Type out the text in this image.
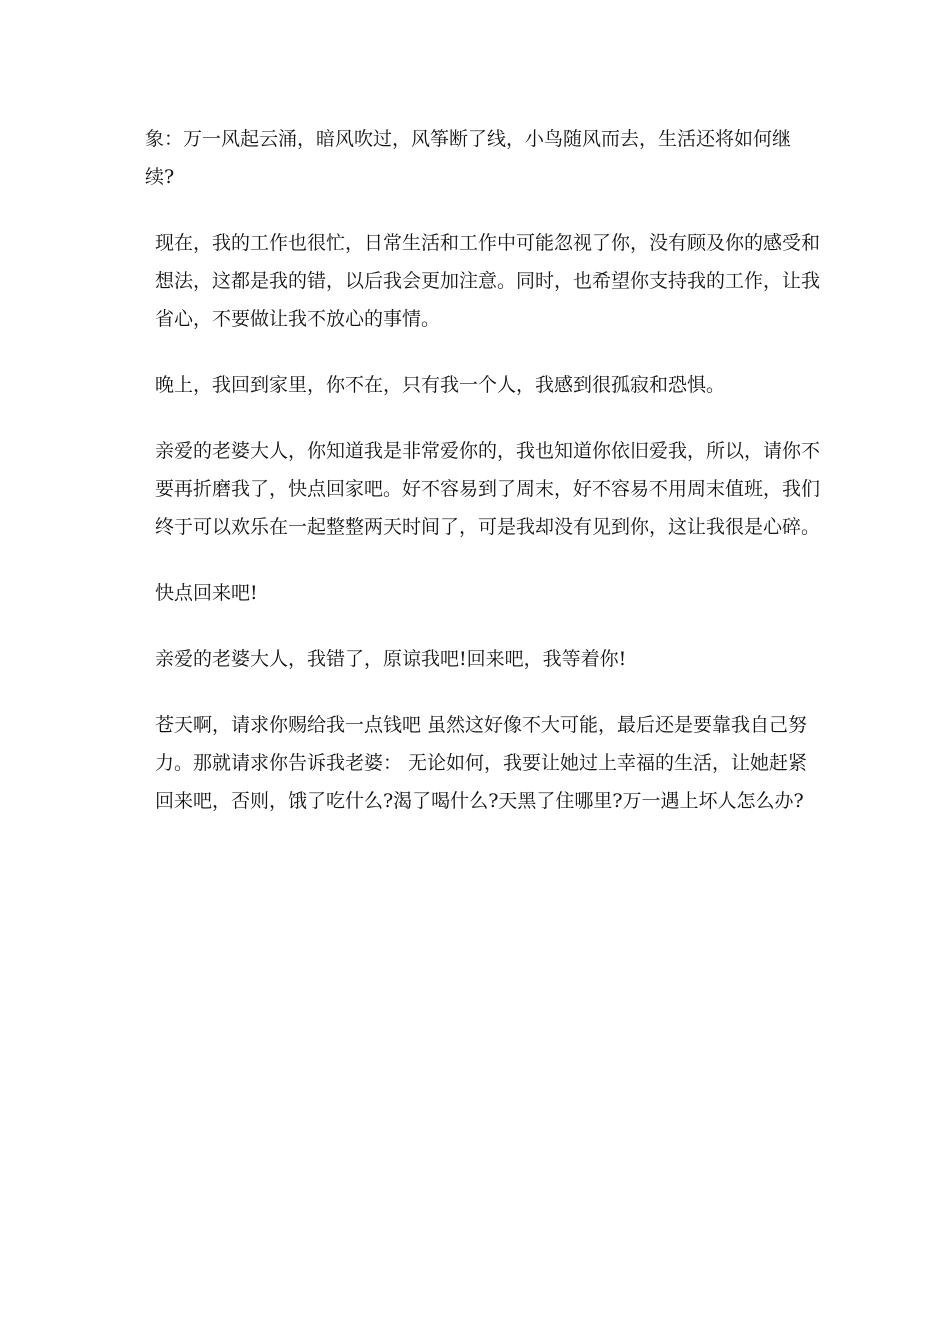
象：万一风起云涌，暗风吹过，风筝断了线，小鸟随风而去，生活还将如何继续?

现在，我的工作也很忙，日常生活和工作中可能忽视了你，没有顾及你的感受和想法，这都是我的错，以后我会更加注意。同时，也希望你支持我的工作，让我省心，不要做让我不放心的事情。

晚上，我回到家里，你不在，只有我一个人，我感到很孤寂和恐惧。

亲爱的老婆大人，你知道我是非常爱你的，我也知道你依旧爱我，所以，请你不要再折磨我了，快点回家吧。好不容易到了周末，好不容易不用周末值班，我们终于可以欢乐在一起整整两天时间了，可是我却没有见到你，这让我很是心碎。

快点回来吧!

亲爱的老婆大人，我错了，原谅我吧!回来吧，我等着你!

苍天啊，请求你赐给我一点钱吧 虽然这好像不大可能，最后还是要靠我自己努力。那就请求你告诉我老婆： 无论如何，我要让她过上幸福的生活，让她赶紧回来吧，否则，饿了吃什么?渴了喝什么?天黑了住哪里?万一遇上坏人怎么办?
